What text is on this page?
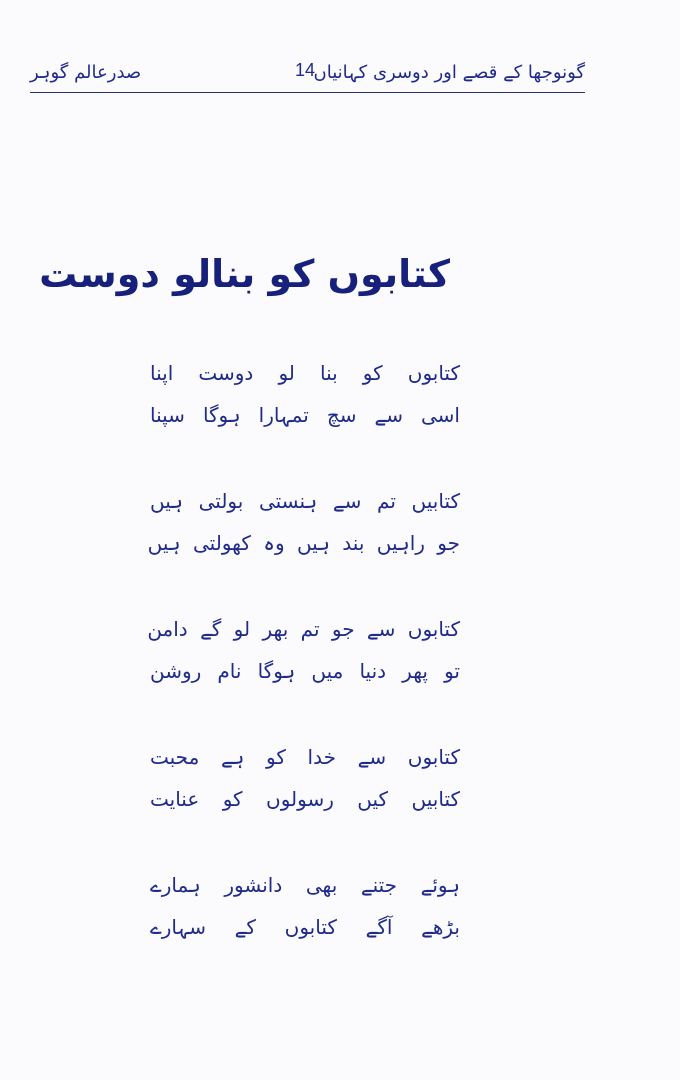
صدرعالم گوہر	14
گونوجھا کے قصے اور دوسری کہانیاں
کتابوں کو بنالو دوست
کتابوں کو بنا لو دوست اپنا
اسی سے سچ تمہارا ہوگا سپنا
کتابیں تم سے ہنستی بولتی ہیں
جو راہیں بند ہیں وہ کھولتی ہیں
کتابوں سے جو تم بھر لو گے دامن
تو پھر دنیا میں ہوگا نام روشن
کتابوں سے خدا کو ہے محبت
کتابیں کیں رسولوں کو عنایت
ہوئے جتنے بھی دانشور ہمارے
بڑھے آگے کتابوں کے سہارے
